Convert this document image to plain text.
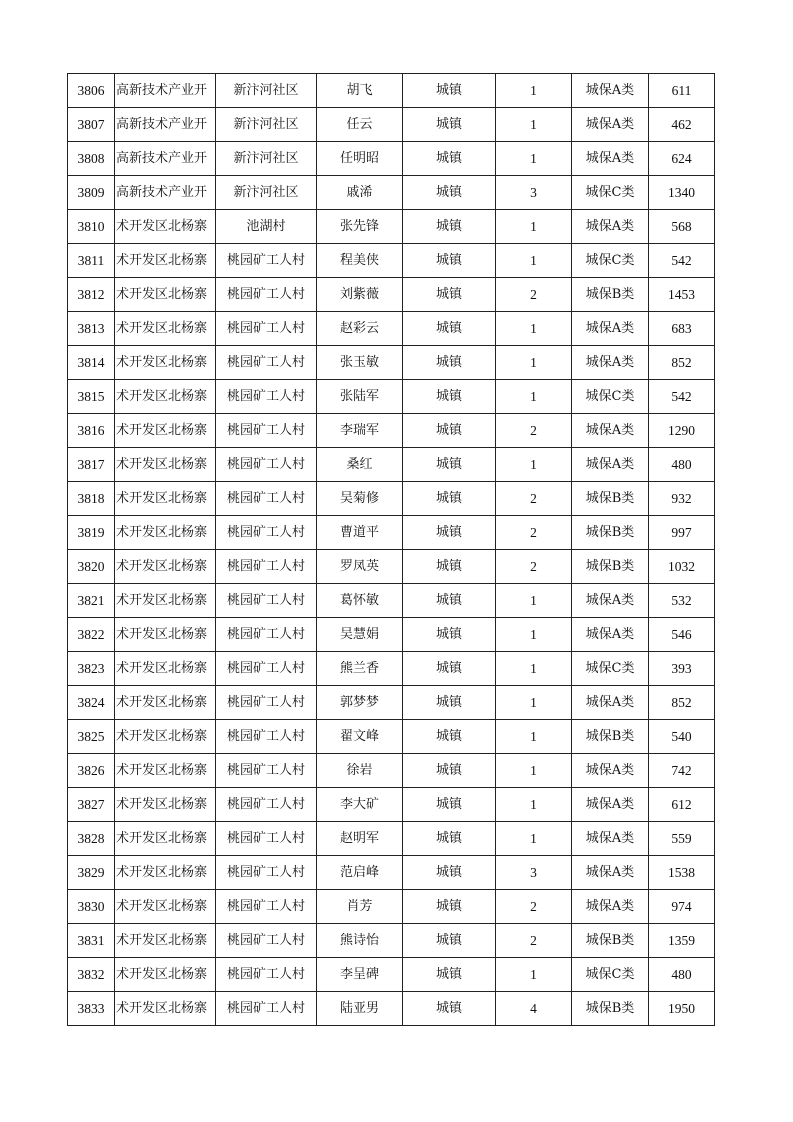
3806	高新技术产业开	新汴河社区	胡飞	城镇	1	城保A类	611
3807	高新技术产业开	新汴河社区	任云	城镇	1	城保A类	462
3808	高新技术产业开	新汴河社区	任明昭	城镇	1	城保A类	624
3809	高新技术产业开	新汴河社区	戚浠	城镇	3	城保C类	1340
3810	术开发区北杨寨	池湖村	张先锋	城镇	1	城保A类	568
3811	术开发区北杨寨	桃园矿工人村	程美侠	城镇	1	城保C类	542
3812	术开发区北杨寨	桃园矿工人村	刘紫薇	城镇	2	城保B类	1453
3813	术开发区北杨寨	桃园矿工人村	赵彩云	城镇	1	城保A类	683
3814	术开发区北杨寨	桃园矿工人村	张玉敏	城镇	1	城保A类	852
3815	术开发区北杨寨	桃园矿工人村	张陆军	城镇	1	城保C类	542
3816	术开发区北杨寨	桃园矿工人村	李瑞军	城镇	2	城保A类	1290
3817	术开发区北杨寨	桃园矿工人村	桑红	城镇	1	城保A类	480
3818	术开发区北杨寨	桃园矿工人村	吴菊修	城镇	2	城保B类	932
3819	术开发区北杨寨	桃园矿工人村	曹道平	城镇	2	城保B类	997
3820	术开发区北杨寨	桃园矿工人村	罗凤英	城镇	2	城保B类	1032
3821	术开发区北杨寨	桃园矿工人村	葛怀敏	城镇	1	城保A类	532
3822	术开发区北杨寨	桃园矿工人村	吴慧娟	城镇	1	城保A类	546
3823	术开发区北杨寨	桃园矿工人村	熊兰香	城镇	1	城保C类	393
3824	术开发区北杨寨	桃园矿工人村	郭梦梦	城镇	1	城保A类	852
3825	术开发区北杨寨	桃园矿工人村	翟文峰	城镇	1	城保B类	540
3826	术开发区北杨寨	桃园矿工人村	徐岩	城镇	1	城保A类	742
3827	术开发区北杨寨	桃园矿工人村	李大矿	城镇	1	城保A类	612
3828	术开发区北杨寨	桃园矿工人村	赵明军	城镇	1	城保A类	559
3829	术开发区北杨寨	桃园矿工人村	范启峰	城镇	3	城保A类	1538
3830	术开发区北杨寨	桃园矿工人村	肖芳	城镇	2	城保A类	974
3831	术开发区北杨寨	桃园矿工人村	熊诗怡	城镇	2	城保B类	1359
3832	术开发区北杨寨	桃园矿工人村	李呈碑	城镇	1	城保C类	480
3833	术开发区北杨寨	桃园矿工人村	陆亚男	城镇	4	城保B类	1950
